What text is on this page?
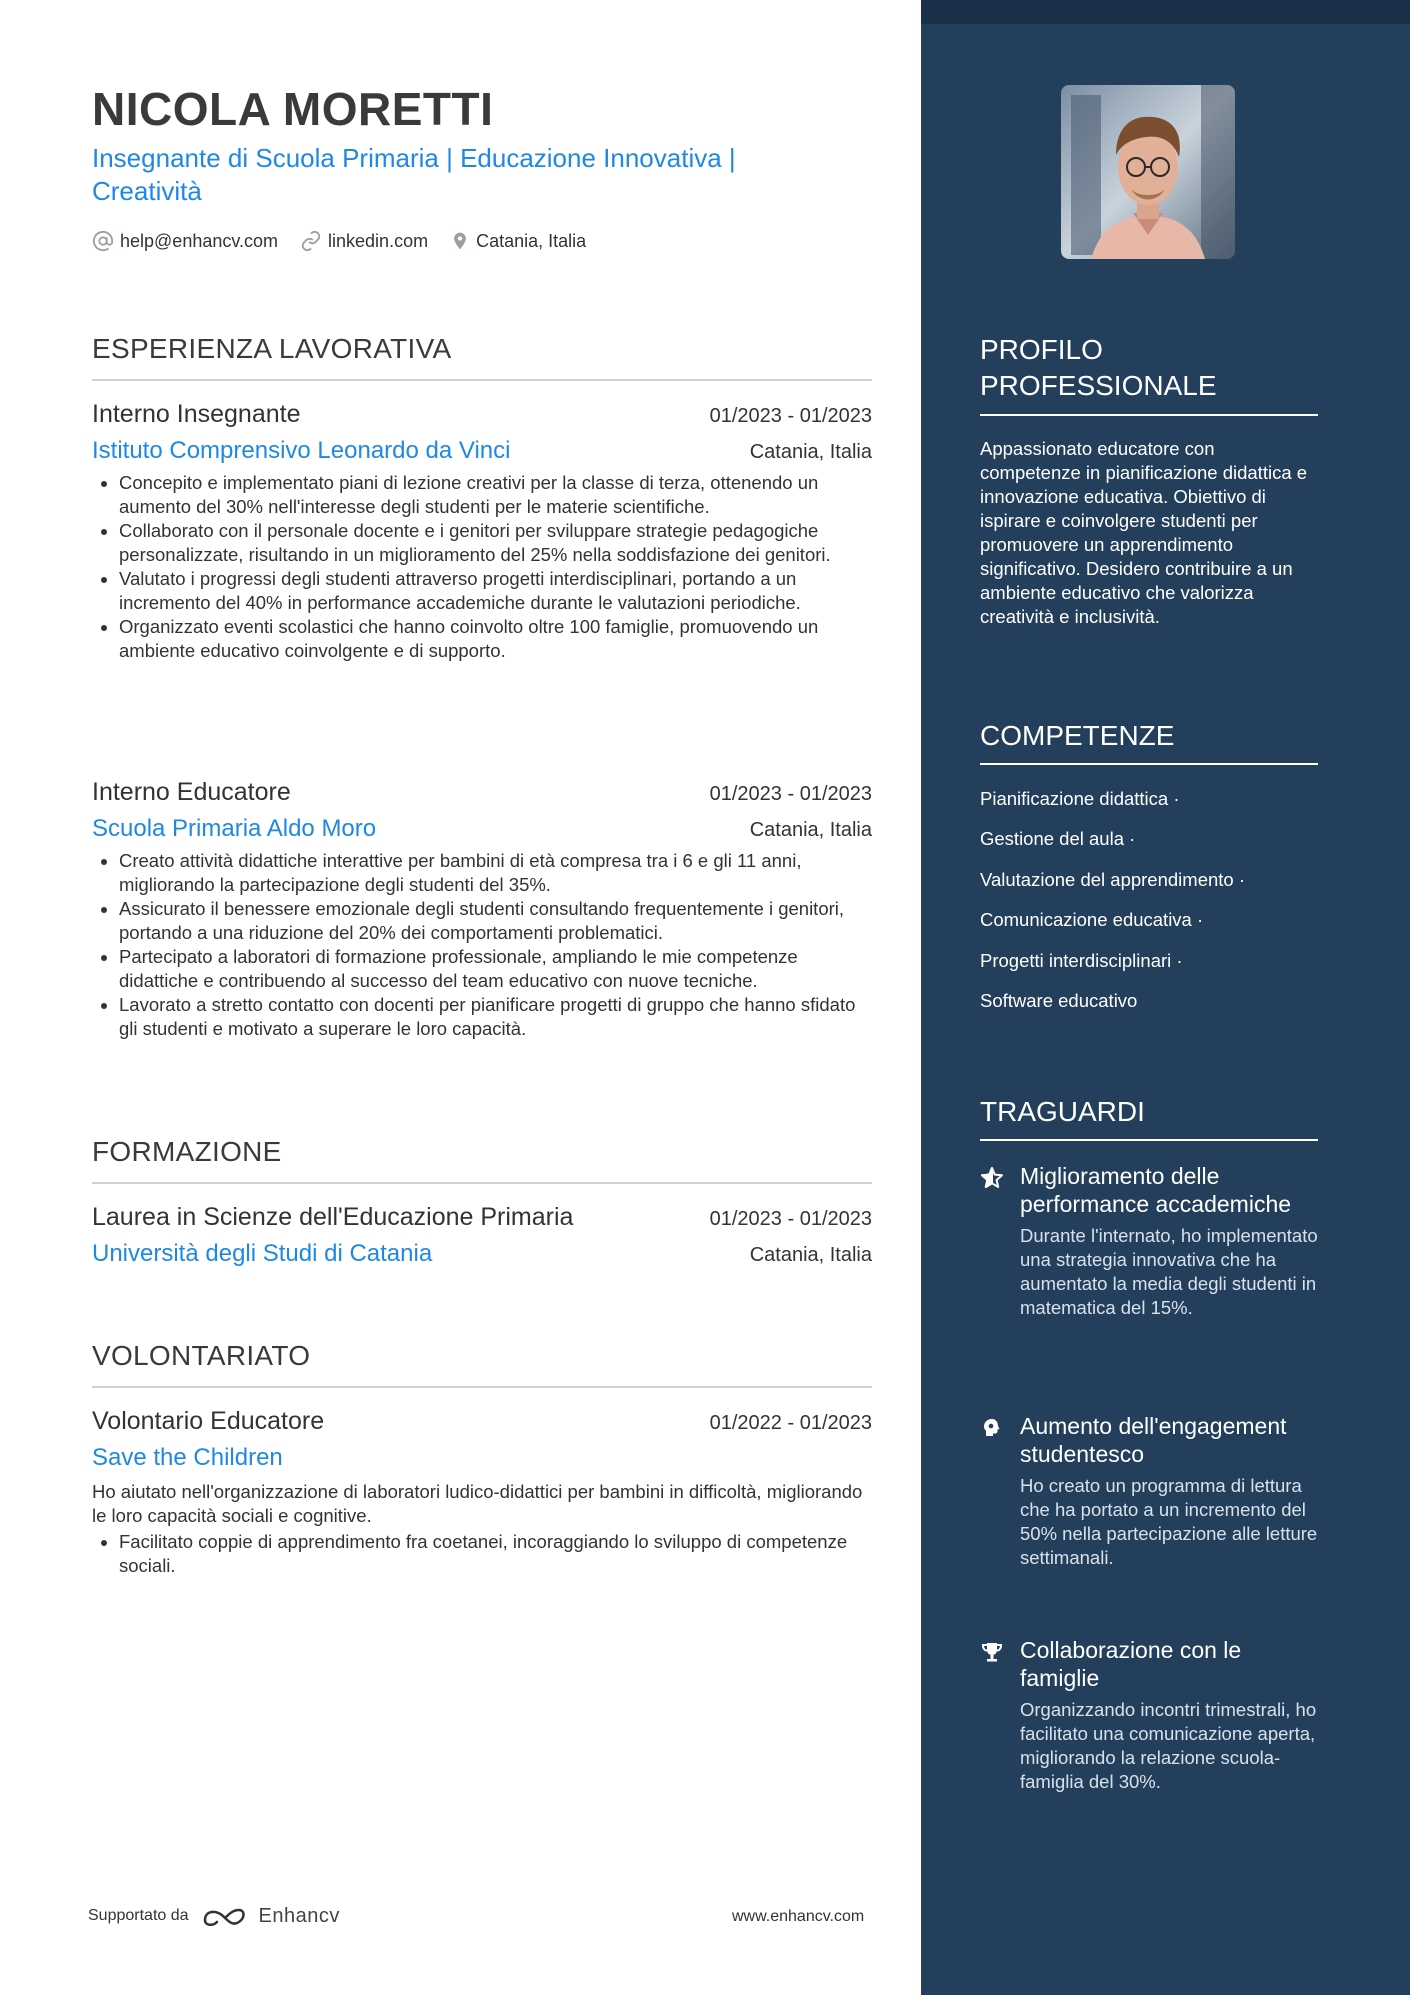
NICOLA MORETTI
Insegnante di Scuola Primaria | Educazione Innovativa | Creatività
help@enhancv.com	linkedin.com	Catania, Italia
ESPERIENZA LAVORATIVA
Interno Insegnante	01/2023 - 01/2023
Istituto Comprensivo Leonardo da Vinci	Catania, Italia
• Concepito e implementato piani di lezione creativi per la classe di terza, ottenendo un aumento del 30% nell'interesse degli studenti per le materie scientifiche.
• Collaborato con il personale docente e i genitori per sviluppare strategie pedagogiche personalizzate, risultando in un miglioramento del 25% nella soddisfazione dei genitori.
• Valutato i progressi degli studenti attraverso progetti interdisciplinari, portando a un incremento del 40% in performance accademiche durante le valutazioni periodiche.
• Organizzato eventi scolastici che hanno coinvolto oltre 100 famiglie, promuovendo un ambiente educativo coinvolgente e di supporto.
Interno Educatore	01/2023 - 01/2023
Scuola Primaria Aldo Moro	Catania, Italia
• Creato attività didattiche interattive per bambini di età compresa tra i 6 e gli 11 anni, migliorando la partecipazione degli studenti del 35%.
• Assicurato il benessere emozionale degli studenti consultando frequentemente i genitori, portando a una riduzione del 20% dei comportamenti problematici.
• Partecipato a laboratori di formazione professionale, ampliando le mie competenze didattiche e contribuendo al successo del team educativo con nuove tecniche.
• Lavorato a stretto contatto con docenti per pianificare progetti di gruppo che hanno sfidato gli studenti e motivato a superare le loro capacità.
FORMAZIONE
Laurea in Scienze dell'Educazione Primaria	01/2023 - 01/2023
Università degli Studi di Catania	Catania, Italia
VOLONTARIATO
Volontario Educatore	01/2022 - 01/2023
Save the Children
Ho aiutato nell'organizzazione di laboratori ludico-didattici per bambini in difficoltà, migliorando le loro capacità sociali e cognitive.
• Facilitato coppie di apprendimento fra coetanei, incoraggiando lo sviluppo di competenze sociali.
Supportato da	Enhancv	www.enhancv.com
PROFILO PROFESSIONALE
Appassionato educatore con competenze in pianificazione didattica e innovazione educativa. Obiettivo di ispirare e coinvolgere studenti per promuovere un apprendimento significativo. Desidero contribuire a un ambiente educativo che valorizza creatività e inclusività.
COMPETENZE
Pianificazione didattica ·
Gestione del aula ·
Valutazione del apprendimento ·
Comunicazione educativa ·
Progetti interdisciplinari ·
Software educativo
TRAGUARDI
Miglioramento delle performance accademiche
Durante l'internato, ho implementato una strategia innovativa che ha aumentato la media degli studenti in matematica del 15%.
Aumento dell'engagement studentesco
Ho creato un programma di lettura che ha portato a un incremento del 50% nella partecipazione alle letture settimanali.
Collaborazione con le famiglie
Organizzando incontri trimestrali, ho facilitato una comunicazione aperta, migliorando la relazione scuola-famiglia del 30%.
